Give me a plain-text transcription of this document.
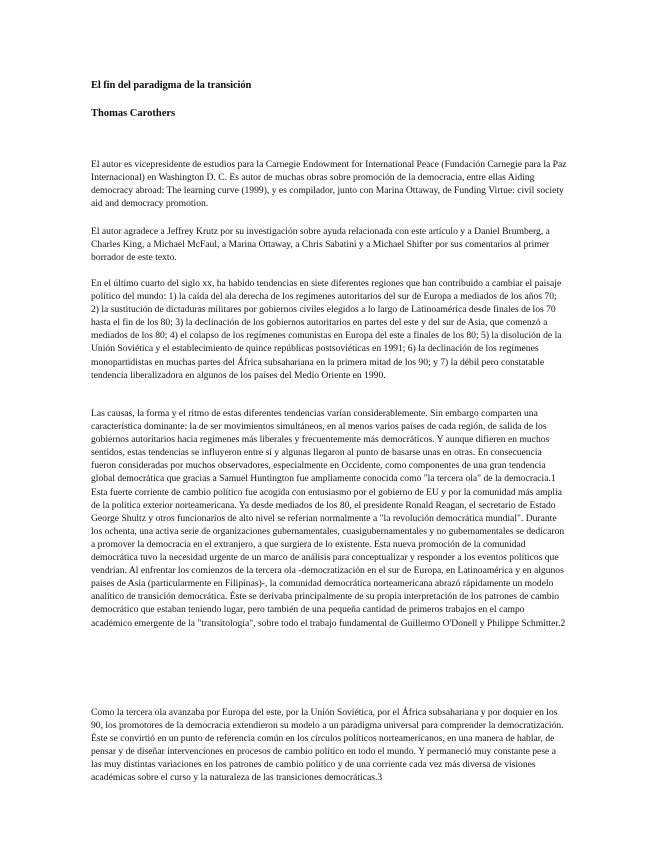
El fin del paradigma de la transición
Thomas Carothers

El autor es vicepresidente de estudios para la Carnegie Endowment for International Peace (Fundación Carnegie para la Paz Internacional) en Washington D. C. Es autor de muchas obras sobre promoción de la democracia, entre ellas Aiding democracy abroad: The learning curve (1999), y es compilador, junto con Marina Ottaway, de Funding Virtue: civil society aid and democracy promotion.

El autor agradece a Jeffrey Krutz por su investigación sobre ayuda relacionada con este artículo y a Daniel Brumberg, a Charles King, a Michael McFaul, a Marina Ottaway, a Chris Sabatini y a Michael Shifter por sus comentarios al primer borrador de este texto.

En el último cuarto del siglo xx, ha habido tendencias en siete diferentes regiones que han contribuido a cambiar el paisaje político del mundo: 1) la caída del ala derecha de los regímenes autoritarios del sur de Europa a mediados de los años 70; 2) la sustitución de dictaduras militares por gobiernos civiles elegidos a lo largo de Latinoamérica desde finales de los 70 hasta el fin de los 80; 3) la declinación de los gobiernos autoritarios en partes del este y del sur de Asia, que comenzó a mediados de los 80; 4) el colapso de los regímenes comunistas en Europa del este a finales de los 80; 5) la disolución de la Unión Soviética y el establecimiento de quince repúblicas postsoviéticas en 1991; 6) la declinación de los regímenes monopartidistas en muchas partes del África subsahariana en la primera mitad de los 90; y 7) la débil pero constatable tendencia liberalizadora en algunos de los países del Medio Oriente en 1990.

Las causas, la forma y el ritmo de estas diferentes tendencias varían considerablemente. Sin embargo comparten una característica dominante: la de ser movimientos simultáneos, en al menos varios países de cada región, de salida de los gobiernos autoritarios hacia regímenes más liberales y frecuentemente más democráticos. Y aunque difieren en muchos sentidos, estas tendencias se influyeron entre sí y algunas llegaron al punto de basarse unas en otras. En consecuencia fueron consideradas por muchos observadores, especialmente en Occidente, como componentes de una gran tendencia global democrática que gracias a Samuel Huntington fue ampliamente conocida como "la tercera ola" de la democracia.1 Esta fuerte corriente de cambio político fue acogida con entusiasmo por el gobierno de EU y por la comunidad más amplia de la política exterior norteamericana. Ya desde mediados de los 80, el presidente Ronald Reagan, el secretario de Estado George Shultz y otros funcionarios de alto nivel se referían normalmente a "la revolución democrática mundial". Durante los ochenta, una activa serie de organizaciones gubernamentales, cuasigubernamentales y no gubernamentales se dedicaron a promover la democracia en el extranjero, a que surgiera de lo existente. Esta nueva promoción de la comunidad democrática tuvo la necesidad urgente de un marco de análisis para conceptualizar y responder a los eventos políticos que vendrían. Al enfrentar los comienzos de la tercera ola -democratización en el sur de Europa, en Latinoamérica y en algunos países de Asia (particularmente en Filipinas)-, la comunidad democrática norteamericana abrazó rápidamente un modelo analítico de transición democrática. Éste se derivaba principalmente de su propia interpretación de los patrones de cambio democrático que estaban teniendo lugar, pero también de una pequeña cantidad de primeros trabajos en el campo académico emergente de la "transitología", sobre todo el trabajo fundamental de Guillermo O'Donell y Philippe Schmitter.2

Como la tercera ola avanzaba por Europa del este, por la Unión Soviética, por el África subsahariana y por doquier en los 90, los promotores de la democracia extendieron su modelo a un paradigma universal para comprender la democratización. Éste se convirtió en un punto de referencia común en los círculos políticos norteamericanos, en una manera de hablar, de pensar y de diseñar intervenciones en procesos de cambio político en todo el mundo. Y permaneció muy constante pese a las muy distintas variaciones en los patrones de cambio político y de una corriente cada vez más diversa de visiones académicas sobre el curso y la naturaleza de las transiciones democráticas.3
